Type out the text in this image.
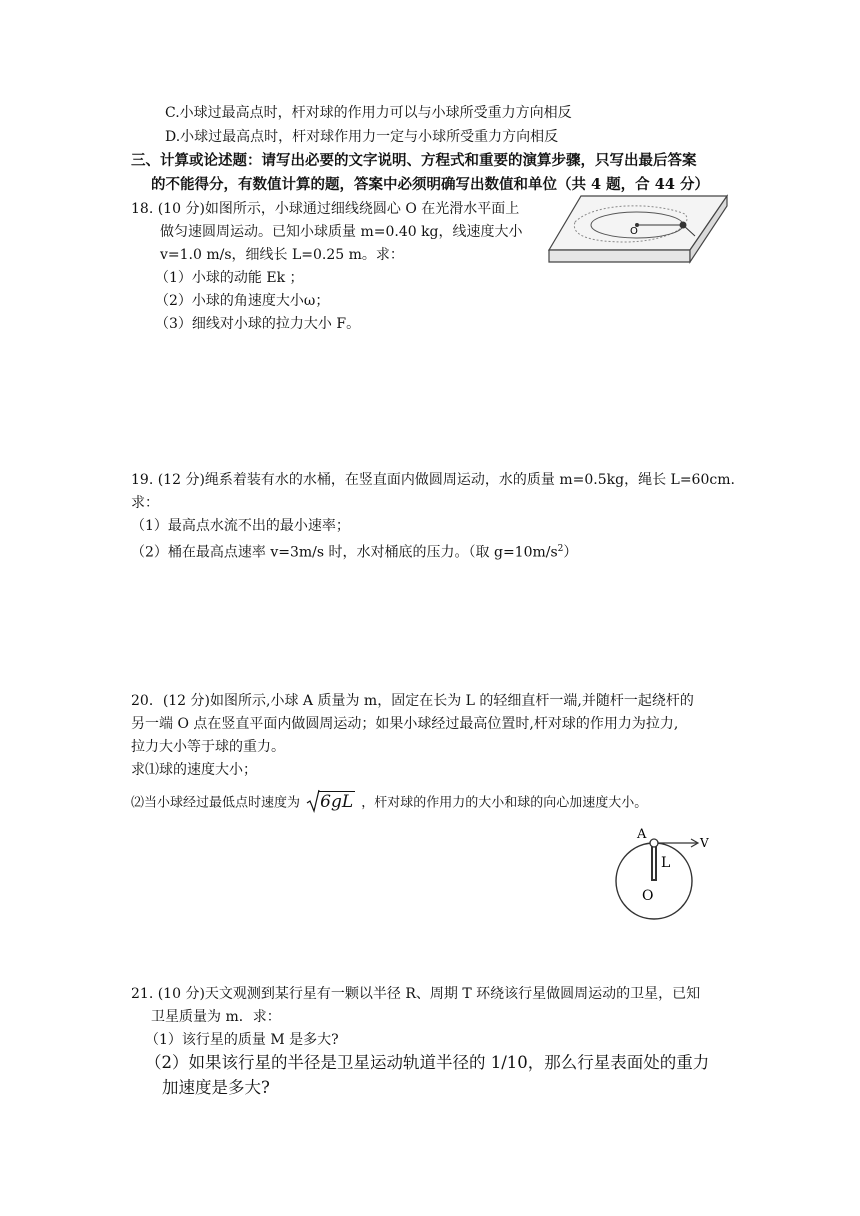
C.小球过最高点时，杆对球的作用力可以与小球所受重力方向相反
D.小球过最高点时，杆对球作用力一定与小球所受重力方向相反
三、计算或论述题：请写出必要的文字说明、方程式和重要的演算步骤，只写出最后答案
的不能得分，有数值计算的题，答案中必须明确写出数值和单位（共 4 题，合 44 分）
18. (10 分)如图所示，小球通过细线绕圆心 O 在光滑水平面上
做匀速圆周运动。已知小球质量 m=0.40 kg，线速度大小
v=1.0 m/s，细线长 L=0.25 m。求：
（1）小球的动能 Ek ；
（2）小球的角速度大小ω；
（3）细线对小球的拉力大小 F。
O
19. (12 分)绳系着装有水的水桶，在竖直面内做圆周运动，水的质量 m=0.5kg，绳长 L=60cm.
求：
（1）最高点水流不出的最小速率；
（2）桶在最高点速率 v=3m/s 时，水对桶底的压力。（取 $g=10m/s^2$）
20．(12 分)如图所示,小球 A 质量为 m，固定在长为 L 的轻细直杆一端,并随杆一起绕杆的
另一端 O 点在竖直平面内做圆周运动；如果小球经过最高位置时,杆对球的作用力为拉力,
拉力大小等于球的重力。
求⑴球的速度大小；
⑵当小球经过最低点时速度为 6gL ，杆对球的作用力的大小和球的向心加速度大小。
A
V
L
O
21. (10 分)天文观测到某行星有一颗以半径 R、周期 T 环绕该行星做圆周运动的卫星，已知
卫星质量为 m．求：
（1）该行星的质量 M 是多大?
（2）如果该行星的半径是卫星运动轨道半径的 1/10，那么行星表面处的重力
加速度是多大?
